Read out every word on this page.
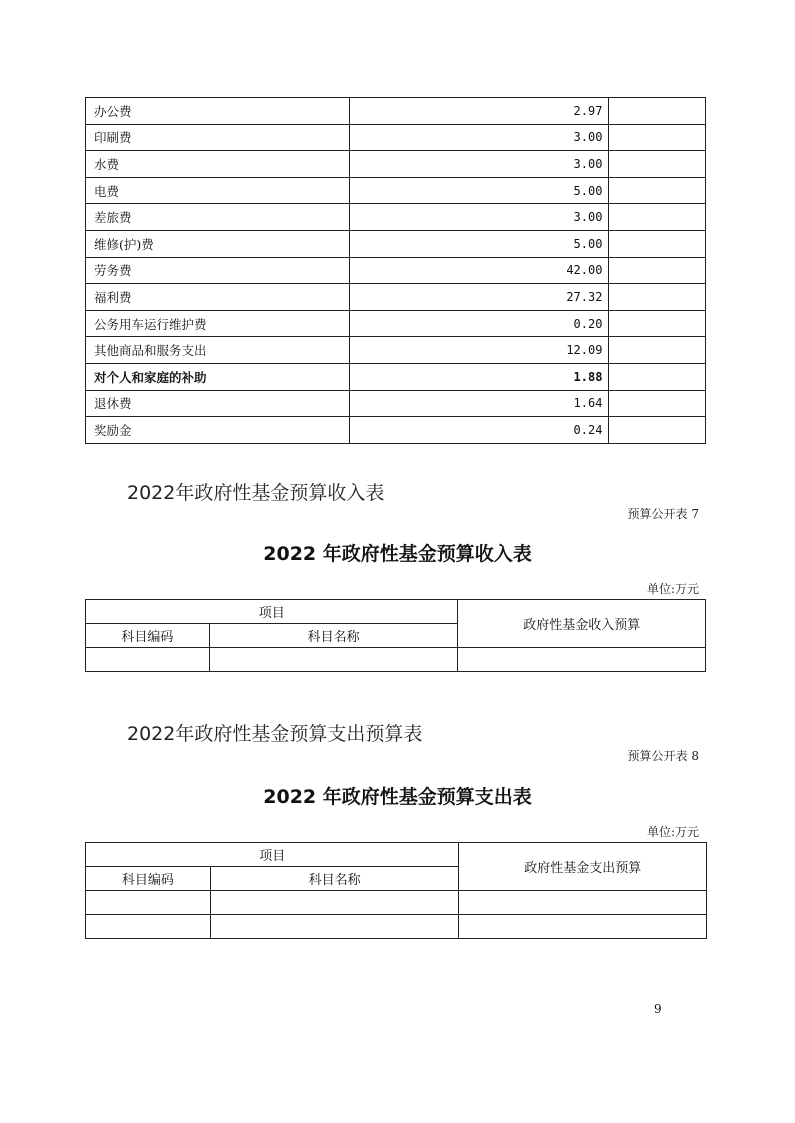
办公费	2.97	
印刷费	3.00	
水费	3.00	
电费	5.00	
差旅费	3.00	
维修(护)费	5.00	
劳务费	42.00	
福利费	27.32	
公务用车运行维护费	0.20	
其他商品和服务支出	12.09	
对个人和家庭的补助	1.88	
退休费	1.64	
奖励金	0.24	
2022年政府性基金预算收入表
预算公开表 7
2022 年政府性基金预算收入表
单位:万元
项目		政府性基金收入预算
科目编码	科目名称	

2022年政府性基金预算支出预算表
预算公开表 8
2022 年政府性基金预算支出表
单位:万元
项目		政府性基金支出预算
科目编码	科目名称	

9
